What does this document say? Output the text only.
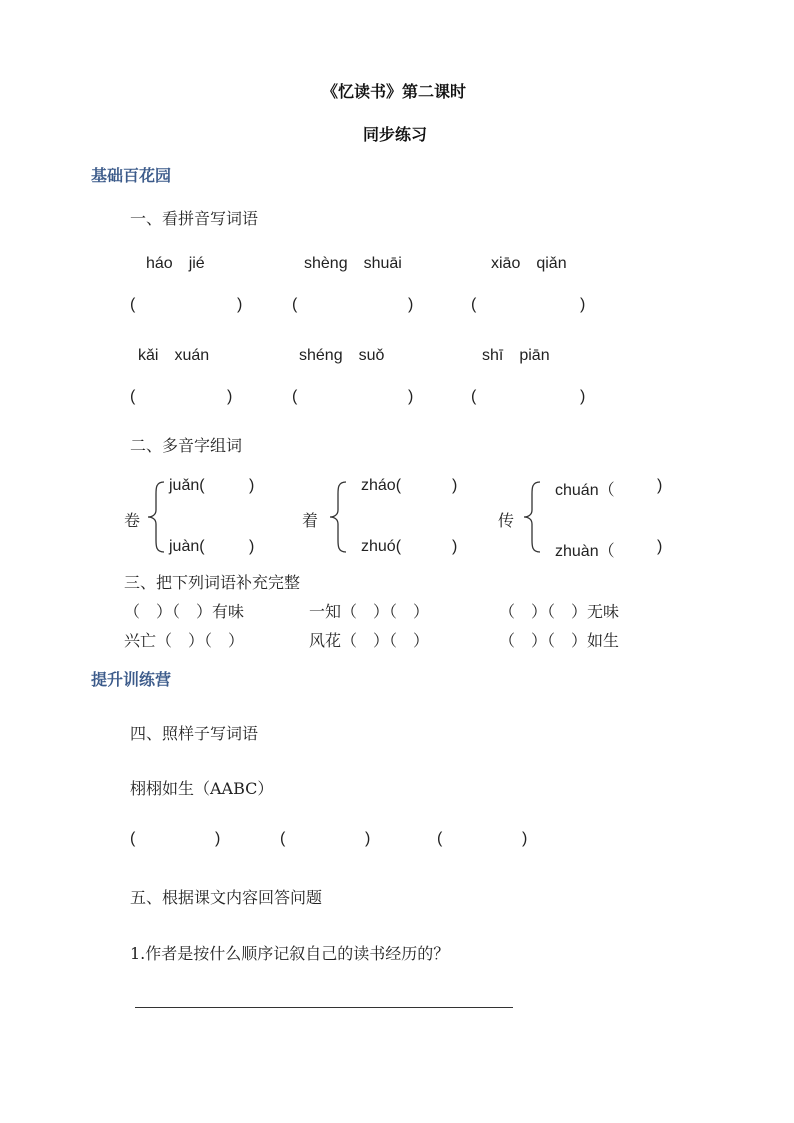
《忆读书》第二课时
同步练习
基础百花园
一、看拼音写词语
háo　jié	shèng　shuāi	xiāo　qiǎn
(	)	(	)	(	)
kǎi　xuán	shéng　suǒ	shī　piān
(	)	(	)	(	)
二、多音字组词
卷
juǎn(	)
juàn(	)
着
zháo(	)
zhuó(	)
传
chuán（	)
zhuàn（	)
三、把下列词语补充完整
（　）（　）有味	一知（　）（　）	（　）（　）无味
兴亡（　）（　）	风花（　）（　）	（　）（　）如生
提升训练营
四、照样子写词语
栩栩如生（AABC）
(	)	(	)	(	)
五、根据课文内容回答问题
1.作者是按什么顺序记叙自己的读书经历的？
